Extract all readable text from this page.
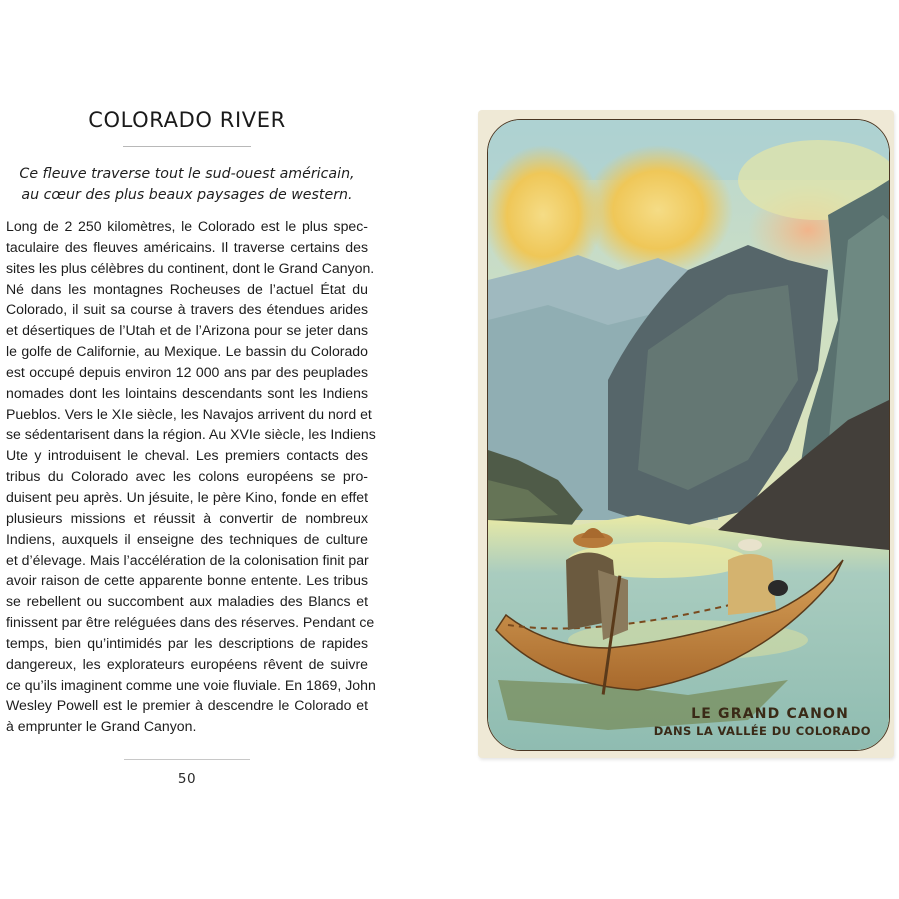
COLORADO RIVER
Ce fleuve traverse tout le sud-ouest américain,
au cœur des plus beaux paysages de western.
Long de 2 250 kilomètres, le Colorado est le plus spec-
taculaire des fleuves américains. Il traverse certains des
sites les plus célèbres du continent, dont le Grand Canyon.
Né dans les montagnes Rocheuses de l’actuel État du
Colorado, il suit sa course à travers des étendues arides
et désertiques de l’Utah et de l’Arizona pour se jeter dans
le golfe de Californie, au Mexique. Le bassin du Colorado
est occupé depuis environ 12 000 ans par des peuplades
nomades dont les lointains descendants sont les Indiens
Pueblos. Vers le XIe siècle, les Navajos arrivent du nord et
se sédentarisent dans la région. Au XVIe siècle, les Indiens
Ute y introduisent le cheval. Les premiers contacts des
tribus du Colorado avec les colons européens se pro-
duisent peu après. Un jésuite, le père Kino, fonde en effet
plusieurs missions et réussit à convertir de nombreux
Indiens, auxquels il enseigne des techniques de culture
et d’élevage. Mais l’accélération de la colonisation finit par
avoir raison de cette apparente bonne entente. Les tribus
se rebellent ou succombent aux maladies des Blancs et
finissent par être reléguées dans des réserves. Pendant ce
temps, bien qu’intimidés par les descriptions de rapides
dangereux, les explorateurs européens rêvent de suivre
ce qu’ils imaginent comme une voie fluviale. En 1869, John
Wesley Powell est le premier à descendre le Colorado et
à emprunter le Grand Canyon.
50
LE GRAND CANON
DANS LA VALLÉE DU COLORADO
